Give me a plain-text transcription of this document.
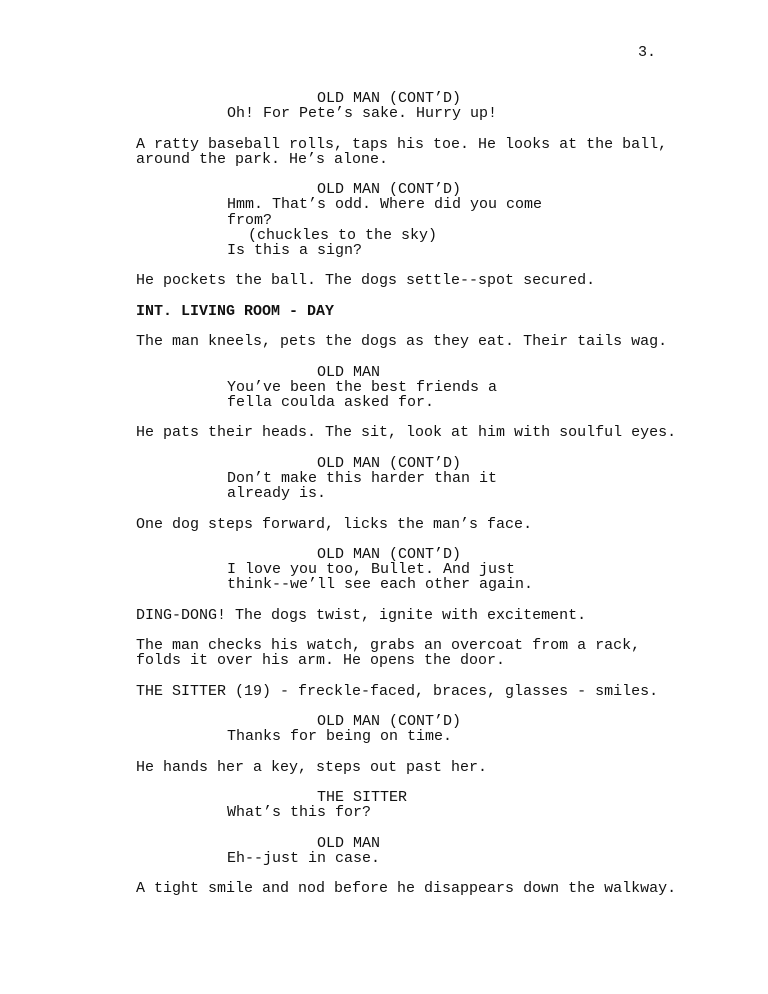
3.
OLD MAN (CONT’D)
Oh! For Pete’s sake. Hurry up!
A ratty baseball rolls, taps his toe. He looks at the ball,
around the park. He’s alone.
OLD MAN (CONT’D)
Hmm. That’s odd. Where did you come
from?
(chuckles to the sky)
Is this a sign?
He pockets the ball. The dogs settle--spot secured.
INT. LIVING ROOM - DAY
The man kneels, pets the dogs as they eat. Their tails wag.
OLD MAN
You’ve been the best friends a
fella coulda asked for.
He pats their heads. The sit, look at him with soulful eyes.
OLD MAN (CONT’D)
Don’t make this harder than it
already is.
One dog steps forward, licks the man’s face.
OLD MAN (CONT’D)
I love you too, Bullet. And just
think--we’ll see each other again.
DING-DONG! The dogs twist, ignite with excitement.
The man checks his watch, grabs an overcoat from a rack,
folds it over his arm. He opens the door.
THE SITTER (19) - freckle-faced, braces, glasses - smiles.
OLD MAN (CONT’D)
Thanks for being on time.
He hands her a key, steps out past her.
THE SITTER
What’s this for?
OLD MAN
Eh--just in case.
A tight smile and nod before he disappears down the walkway.
